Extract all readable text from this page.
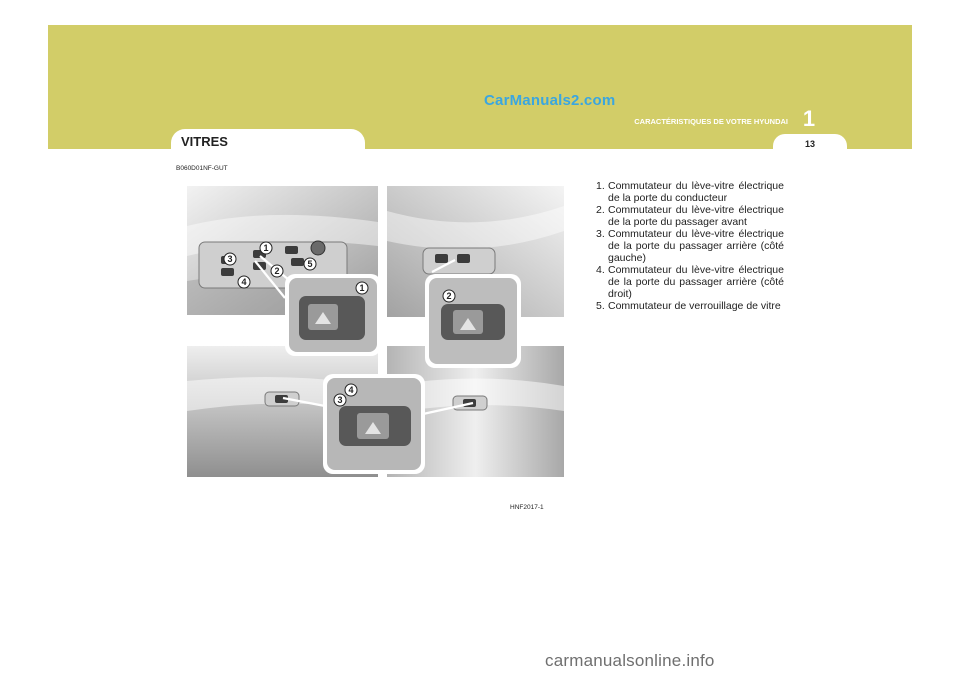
CarManuals2.com
1
CARACTÉRISTIQUES DE VOTRE HYUNDAI
13
VITRES
B060D01NF-GUT
1
2
3
4
5
1
2
3
4
HNF2017-1
1. Commutateur du lève-vitre électrique de la porte du conducteur
2. Commutateur du lève-vitre électrique de la porte du passager avant
3. Commutateur du lève-vitre électrique de la porte du passager arrière (côté gauche)
4. Commutateur du lève-vitre électrique de la porte du passager arrière (côté droit)
5. Commutateur de verrouillage de vitre
carmanualsonline.info
